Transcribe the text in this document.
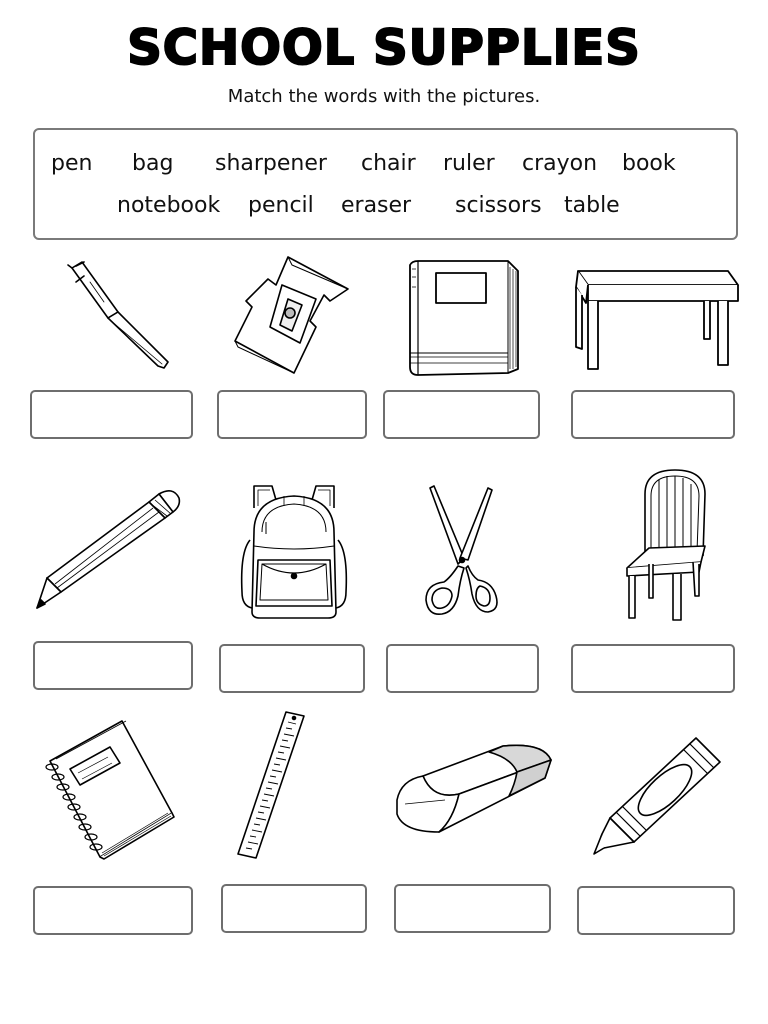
SCHOOL SUPPLIES
Match the words with the pictures.
pen bag sharpener chair ruler crayon book
notebook pencil eraser scissors table
